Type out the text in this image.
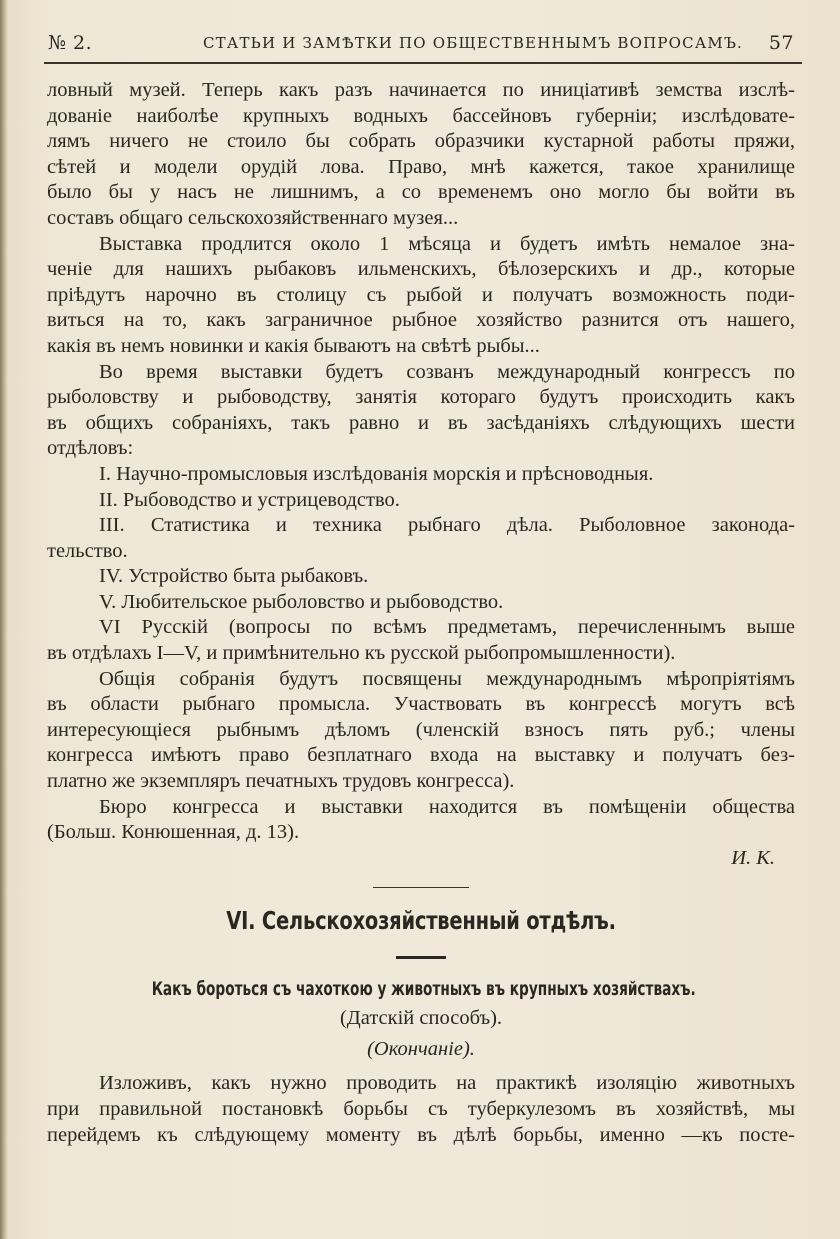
№ 2.	СТАТЬИ И ЗАМѢТКИ ПО ОБЩЕСТВЕННЫМЪ ВОПРОСАМЪ. 57
ловный музей. Теперь какъ разъ начинается по иниціативѣ земства изслѣ-
дованіе наиболѣе крупныхъ водныхъ бассейновъ губерніи; изслѣдовате-
лямъ ничего не стоило бы собрать образчики кустарной работы пряжи,
сѣтей и модели орудій лова. Право, мнѣ кажется, такое хранилище
было бы у насъ не лишнимъ, а со временемъ оно могло бы войти въ
составъ общаго сельскохозяйственнаго музея...
Выставка продлится около 1 мѣсяца и будетъ имѣть немалое зна-
ченіе для нашихъ рыбаковъ ильменскихъ, бѣлозерскихъ и др., которые
пріѣдутъ нарочно въ столицу съ рыбой и получатъ возможность поди-
виться на то, какъ заграничное рыбное хозяйство разнится отъ нашего,
какія въ немъ новинки и какія бываютъ на свѣтѣ рыбы...
Во время выставки будетъ созванъ международный конгрессъ по
рыболовству и рыбоводству, занятія котораго будутъ происходить какъ
въ общихъ собраніяхъ, такъ равно и въ засѣданіяхъ слѣдующихъ шести
отдѣловъ:
I. Научно-промысловыя изслѣдованія морскія и прѣсноводныя.
II. Рыбоводство и устрицеводство.
III. Статистика и техника рыбнаго дѣла. Рыболовное законода-
тельство.
IV. Устройство быта рыбаковъ.
V. Любительское рыболовство и рыбоводство.
VI Русскій (вопросы по всѣмъ предметамъ, перечисленнымъ выше
въ отдѣлахъ I—V, и примѣнительно къ русской рыбопромышленности).
Общія собранія будутъ посвящены международнымъ мѣропріятіямъ
въ области рыбнаго промысла. Участвовать въ конгрессѣ могутъ всѣ
интересующіеся рыбнымъ дѣломъ (членскій взносъ пять руб.; члены
конгресса имѣютъ право безплатнаго входа на выставку и получатъ без-
платно же экземпляръ печатныхъ трудовъ конгресса).
Бюро конгресса и выставки находится въ помѣщеніи общества
(Больш. Конюшенная, д. 13).
И. К.
VI. Сельскохозяйственный отдѣлъ.
Какъ бороться съ чахоткою у животныхъ въ крупныхъ хозяйствахъ.
(Датскій способъ).
(Окончаніе).
Изложивъ, какъ нужно проводить на практикѣ изоляцію животныхъ
при правильной постановкѣ борьбы съ туберкулезомъ въ хозяйствѣ, мы
перейдемъ къ слѣдующему моменту въ дѣлѣ борьбы, именно —къ посте-
